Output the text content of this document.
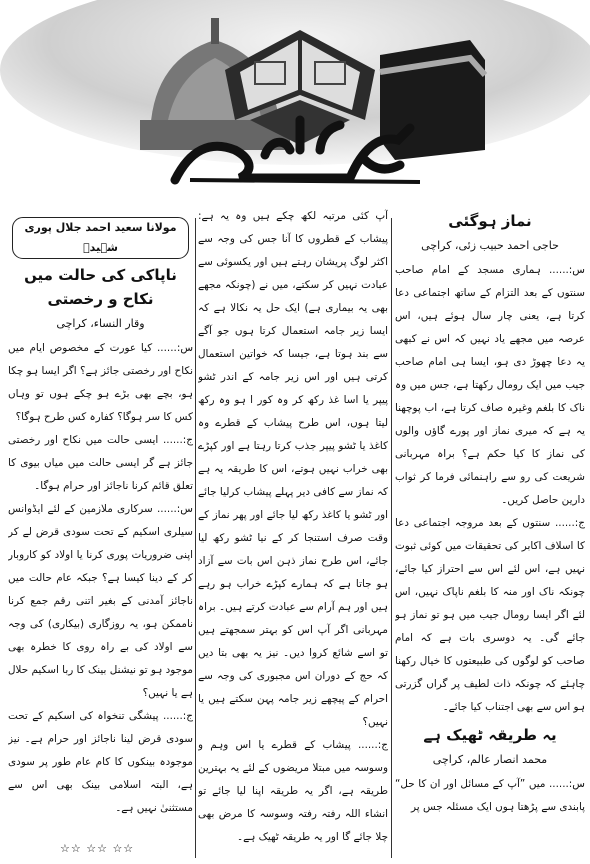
نماز ہوگئی
حاجی احمد حبیب زئی، کراچی

س:...... ہماری مسجد کے امام صاحب سنتوں کے بعد التزام کے ساتھ اجتماعی دعا کرتا ہے، یعنی چار سال ہوئے ہیں، اس عرصہ میں مجھے یاد نہیں کہ اس نے کبھی یہ دعا چھوڑ دی ہو، ایسا ہی امام صاحب جیب میں ایک رومال رکھتا ہے، جس میں وہ ناک کا بلغم وغیرہ صاف کرتا ہے، اب پوچھنا یہ ہے کہ میری نماز اور پورے گاؤں والوں کی نماز کا کیا حکم ہے؟ براہ مہربانی شریعت کی رو سے راہنمائی فرما کر ثواب دارین حاصل کریں۔

ج:...... سنتوں کے بعد مروجہ اجتماعی دعا کا اسلاف اکابر کی تحقیقات میں کوئی ثبوت نہیں ہے، اس لئے اس سے احتراز کیا جائے، چونکہ ناک اور منہ کا بلغم ناپاک نہیں، اس لئے اگر ایسا رومال جیب میں ہو تو نماز ہو جائے گی۔ یہ دوسری بات ہے کہ امام صاحب کو لوگوں کی طبیعتوں کا خیال رکھنا چاہئے کہ چونکہ ذات لطیف پر گراں گزرتی ہو اس سے بھی اجتناب کیا جائے۔

یہ طریقہ ٹھیک ہے
محمد انصار عالم، کراچی

س:...... میں ”آپ کے مسائل اور ان کا حل“ پابندی سے پڑھتا ہوں ایک مسئلہ جس پر

آپ کئی مرتبہ لکھ چکے ہیں وہ یہ ہے: پیشاب کے قطروں کا آنا جس کی وجہ سے اکثر لوگ پریشان رہتے ہیں اور یکسوئی سے عبادت نہیں کر سکتے، میں نے (چونکہ مجھے بھی یہ بیماری ہے) ایک حل یہ نکالا ہے کہ ایسا زیر جامہ استعمال کرتا ہوں جو آگے سے بند ہوتا ہے، جیسا کہ خواتین استعمال کرتی ہیں اور اس زیر جامہ کے اندر ٹشو پیپر یا اسا غذ رکھ کر وہ کور ا ہو وہ رکھ لیتا ہوں، اس طرح پیشاب کے قطرے وہ کاغذ یا ٹشو پیپر جذب کرتا رہتا ہے اور کپڑے بھی خراب نہیں ہوتے، اس کا طریقہ یہ ہے کہ نماز سے کافی دیر پہلے پیشاب کرلیا جائے اور ٹشو یا کاغذ رکھ لیا جائے اور پھر نماز کے وقت صرف استنجا کر کے نیا ٹشو رکھ لیا جائے، اس طرح نماز ذہن اس بات سے آزاد ہو جاتا ہے کہ ہمارے کپڑے خراب ہو رہے ہیں اور ہم آرام سے عبادت کرتے ہیں۔ براہ مہربانی اگر آپ اس کو بہتر سمجھتے ہیں تو اسے شائع کروا دیں۔ نیز یہ بھی بتا دیں کہ حج کے دوران اس مجبوری کی وجہ سے احرام کے پیچھے زیر جامہ پہن سکتے ہیں یا نہیں؟

ج:...... پیشاب کے قطرے یا اس وہم و وسوسہ میں مبتلا مریضوں کے لئے یہ بہترین طریقہ ہے، اگر یہ طریقہ اپنا لیا جائے تو انشاء اللہ رفتہ رفتہ وسوسہ کا مرض بھی چلا جائے گا اور یہ طریقہ ٹھیک ہے۔

مولانا سعید احمد جلال پوری شہیدؒ
ناپاکی کی حالت میں نکاح و رخصتی
وقار النساء، کراچی

س:...... کیا عورت کے مخصوص ایام میں نکاح اور رخصتی جائز ہے؟ اگر ایسا ہو چکا ہو، بچے بھی بڑے ہو چکے ہوں تو وہاں کس کا سر ہوگا؟ کفارہ کس طرح ہوگا؟

ج:...... ایسی حالت میں نکاح اور رخصتی جائز ہے گر ایسی حالت میں میاں بیوی کا تعلق قائم کرنا ناجائز اور حرام ہوگا۔

س:...... سرکاری ملازمین کے لئے ایڈوانس سیلری اسکیم کے تحت سودی قرض لے کر اپنی ضروریات پوری کرنا یا اولاد کو کاروبار کر کے دینا کیسا ہے؟ جبکہ عام حالت میں ناجائز آمدنی کے بغیر اتنی رقم جمع کرنا ناممکن ہو، یہ روزگاری (بیکاری) کی وجہ سے اولاد کی بے راہ روی کا خطرہ بھی موجود ہو تو نیشنل بینک کا ربا اسکیم حلال ہے یا نہیں؟

ج:...... پیشگی تنخواہ کی اسکیم کے تحت سودی قرض لینا ناجائز اور حرام ہے۔ نیز موجودہ بینکوں کا کام عام طور پر سودی ہے، البتہ اسلامی بینک بھی اس سے مستثنیٰ نہیں ہے۔

☆☆ ☆☆ ☆☆
